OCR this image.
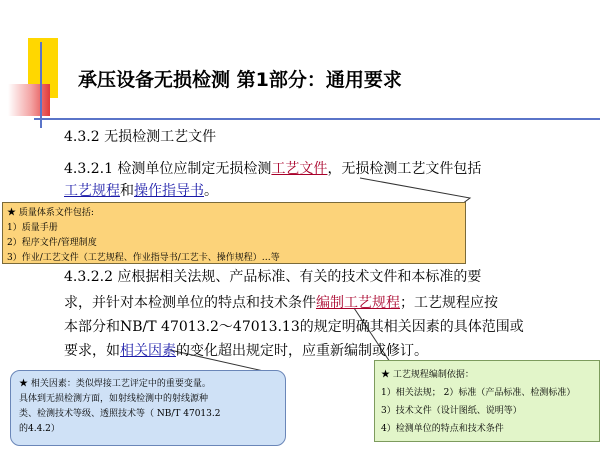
承压设备无损检测 第1部分：通用要求
4.3.2 无损检测工艺文件
4.3.2.1 检测单位应制定无损检测工艺文件，无损检测工艺文件包括
工艺规程和操作指导书。
★ 质量体系文件包括:
1）质量手册
2）程序文件/管理制度
3）作业/工艺文件（工艺规程、作业指导书/工艺卡、操作规程）…等
4.3.2.2 应根据相关法规、产品标准、有关的技术文件和本标准的要
求，并针对本检测单位的特点和技术条件编制工艺规程；工艺规程应按
本部分和NB/T 47013.2～47013.13的规定明确其相关因素的具体范围或
要求，如相关因素的变化超出规定时，应重新编制或修订。
★ 相关因素：类似焊接工艺评定中的重要变量。
具体到无损检测方面，如射线检测中的射线源种
类、检测技术等级、透照技术等（ NB/T 47013.2
的4.4.2）
★ 工艺规程编制依据：
1）相关法规； 2）标准（产品标准、检测标准）
3）技术文件（设计图纸、说明等）
4）检测单位的特点和技术条件
